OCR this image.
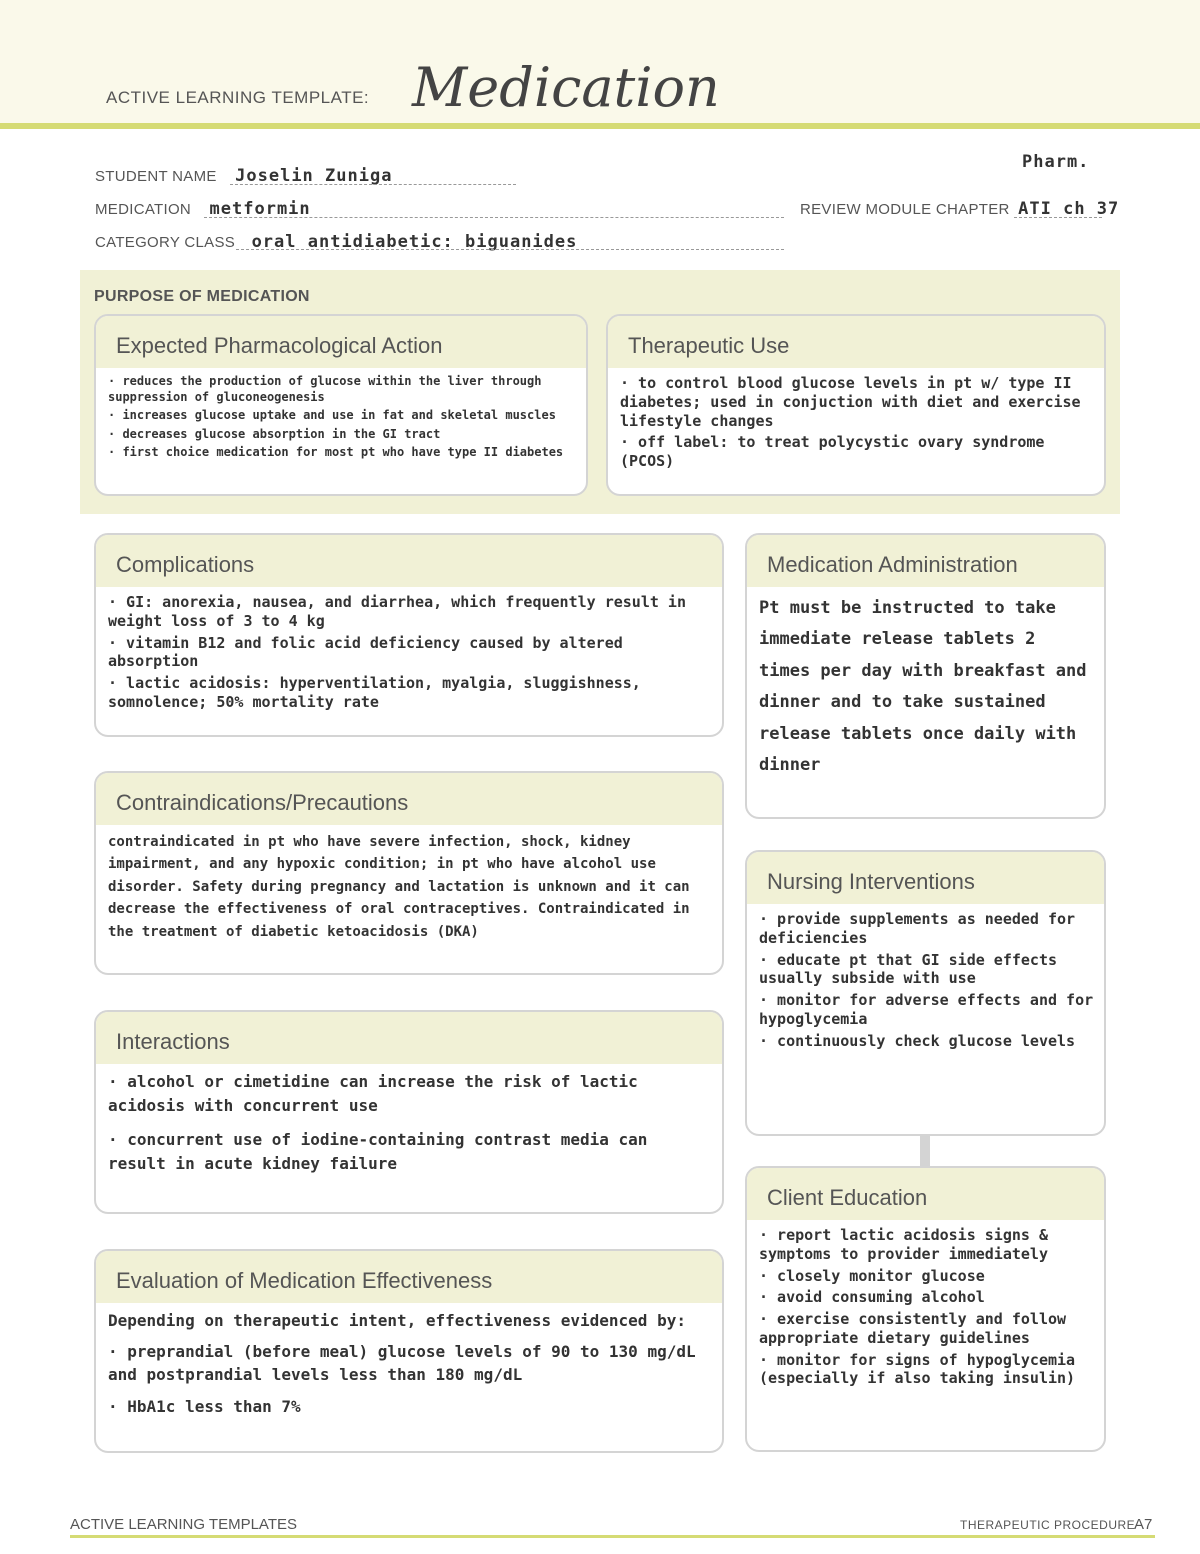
ACTIVE LEARNING TEMPLATE: Medication
Pharm.
STUDENT NAME Joselin Zuniga
MEDICATION metformin	REVIEW MODULE CHAPTER ATI ch 37
CATEGORY CLASS oral antidiabetic: biguanides
PURPOSE OF MEDICATION
Expected Pharmacological Action
· reduces the production of glucose within the liver through suppression of gluconeogenesis
· increases glucose uptake and use in fat and skeletal muscles
· decreases glucose absorption in the GI tract
· first choice medication for most pt who have type II diabetes
Therapeutic Use
· to control blood glucose levels in pt w/ type II diabetes; used in conjuction with diet and exercise lifestyle changes
· off label: to treat polycystic ovary syndrome (PCOS)
Complications
· GI: anorexia, nausea, and diarrhea, which frequently result in weight loss of 3 to 4 kg
· vitamin B12 and folic acid deficiency caused by altered absorption
· lactic acidosis: hyperventilation, myalgia, sluggishness, somnolence; 50% mortality rate
Medication Administration
Pt must be instructed to take immediate release tablets 2 times per day with breakfast and dinner and to take sustained release tablets once daily with dinner
Contraindications/Precautions
contraindicated in pt who have severe infection, shock, kidney impairment, and any hypoxic condition; in pt who have alcohol use disorder. Safety during pregnancy and lactation is unknown and it can decrease the effectiveness of oral contraceptives. Contraindicated in the treatment of diabetic ketoacidosis (DKA)
Nursing Interventions
· provide supplements as needed for deficiencies
· educate pt that GI side effects usually subside with use
· monitor for adverse effects and for hypoglycemia
· continuously check glucose levels
Interactions
· alcohol or cimetidine can increase the risk of lactic acidosis with concurrent use
· concurrent use of iodine-containing contrast media can result in acute kidney failure
Client Education
· report lactic acidosis signs & symptoms to provider immediately
· closely monitor glucose
· avoid consuming alcohol
· exercise consistently and follow appropriate dietary guidelines
· monitor for signs of hypoglycemia (especially if also taking insulin)
Evaluation of Medication Effectiveness
Depending on therapeutic intent, effectiveness evidenced by:
· preprandial (before meal) glucose levels of 90 to 130 mg/dL and postprandial levels less than 180 mg/dL
· HbA1c less than 7%
ACTIVE LEARNING TEMPLATES	THERAPEUTIC PROCEDURE
A7
